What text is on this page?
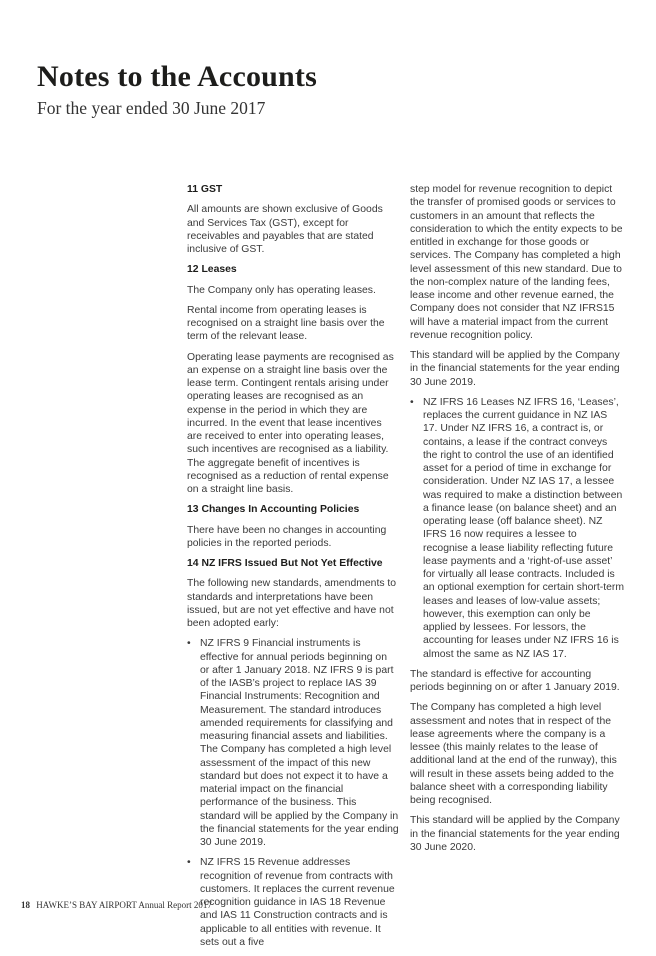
Notes to the Accounts
For the year ended 30 June 2017
11 GST

All amounts are shown exclusive of Goods and Services Tax (GST), except for receivables and payables that are stated inclusive of GST.

12 Leases

The Company only has operating leases.

Rental income from operating leases is recognised on a straight line basis over the term of the relevant lease.

Operating lease payments are recognised as an expense on a straight line basis over the lease term. Contingent rentals arising under operating leases are recognised as an expense in the period in which they are incurred. In the event that lease incentives are received to enter into operating leases, such incentives are recognised as a liability. The aggregate benefit of incentives is recognised as a reduction of rental expense on a straight line basis.

13 Changes In Accounting Policies

There have been no changes in accounting policies in the reported periods.

14 NZ IFRS Issued But Not Yet Effective

The following new standards, amendments to standards and interpretations have been issued, but are not yet effective and have not been adopted early:

• NZ IFRS 9 Financial instruments is effective for annual periods beginning on or after 1 January 2018. NZ IFRS 9 is part of the IASB’s project to replace IAS 39 Financial Instruments: Recognition and Measurement. The standard introduces amended requirements for classifying and measuring financial assets and liabilities. The Company has completed a high level assessment of the impact of this new standard but does not expect it to have a material impact on the financial performance of the business. This standard will be applied by the Company in the financial statements for the year ending 30 June 2019.
• NZ IFRS 15 Revenue addresses recognition of revenue from contracts with customers. It replaces the current revenue recognition guidance in IAS 18 Revenue and IAS 11 Construction contracts and is applicable to all entities with revenue. It sets out a five

step model for revenue recognition to depict the transfer of promised goods or services to customers in an amount that reflects the consideration to which the entity expects to be entitled in exchange for those goods or services. The Company has completed a high level assessment of this new standard. Due to the non-complex nature of the landing fees, lease income and other revenue earned, the Company does not consider that NZ IFRS15 will have a material impact from the current revenue recognition policy.

This standard will be applied by the Company in the financial statements for the year ending 30 June 2019.

• NZ IFRS 16 Leases NZ IFRS 16, ‘Leases’, replaces the current guidance in NZ IAS 17. Under NZ IFRS 16, a contract is, or contains, a lease if the contract conveys the right to control the use of an identified asset for a period of time in exchange for consideration. Under NZ IAS 17, a lessee was required to make a distinction between a finance lease (on balance sheet) and an operating lease (off balance sheet). NZ IFRS 16 now requires a lessee to recognise a lease liability reflecting future lease payments and a ‘right-of-use asset’ for virtually all lease contracts. Included is an optional exemption for certain short-term leases and leases of low-value assets; however, this exemption can only be applied by lessees. For lessors, the accounting for leases under NZ IFRS 16 is almost the same as NZ IAS 17.

The standard is effective for accounting periods beginning on or after 1 January 2019.

The Company has completed a high level assessment and notes that in respect of the lease agreements where the company is a lessee (this mainly relates to the lease of additional land at the end of the runway), this will result in these assets being added to the balance sheet with a corresponding liability being recognised.

This standard will be applied by the Company in the financial statements for the year ending 30 June 2020.

18 HAWKE’S BAY AIRPORT Annual Report 2017
